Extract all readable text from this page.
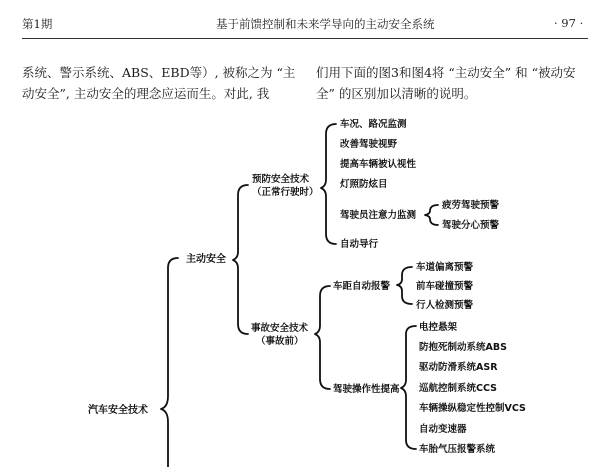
第1期	基于前馈控制和未来学导向的主动安全系统	· 97 ·
系统、警示系统、ABS、EBD等）, 被称之为 “主
动安全”, 主动安全的理念应运而生。对此, 我
们用下面的图3和图4将 “主动安全” 和 “被动安
全” 的区别加以清晰的说明。
汽车安全技术
主动安全
预防安全技术
（正常行驶时）
事故安全技术
（事故前）
车况、路况监测
改善驾驶视野
提高车辆被认视性
灯照防炫目
驾驶员注意力监测
自动导行
疲劳驾驶预警
驾驶分心预警
车距自动报警
驾驶操作性提高
车道偏离预警
前车碰撞预警
行人检测预警
电控悬架
防抱死制动系统ABS
驱动防滑系统ASR
巡航控制系统CCS
车辆操纵稳定性控制VCS
自动变速器
车胎气压报警系统
